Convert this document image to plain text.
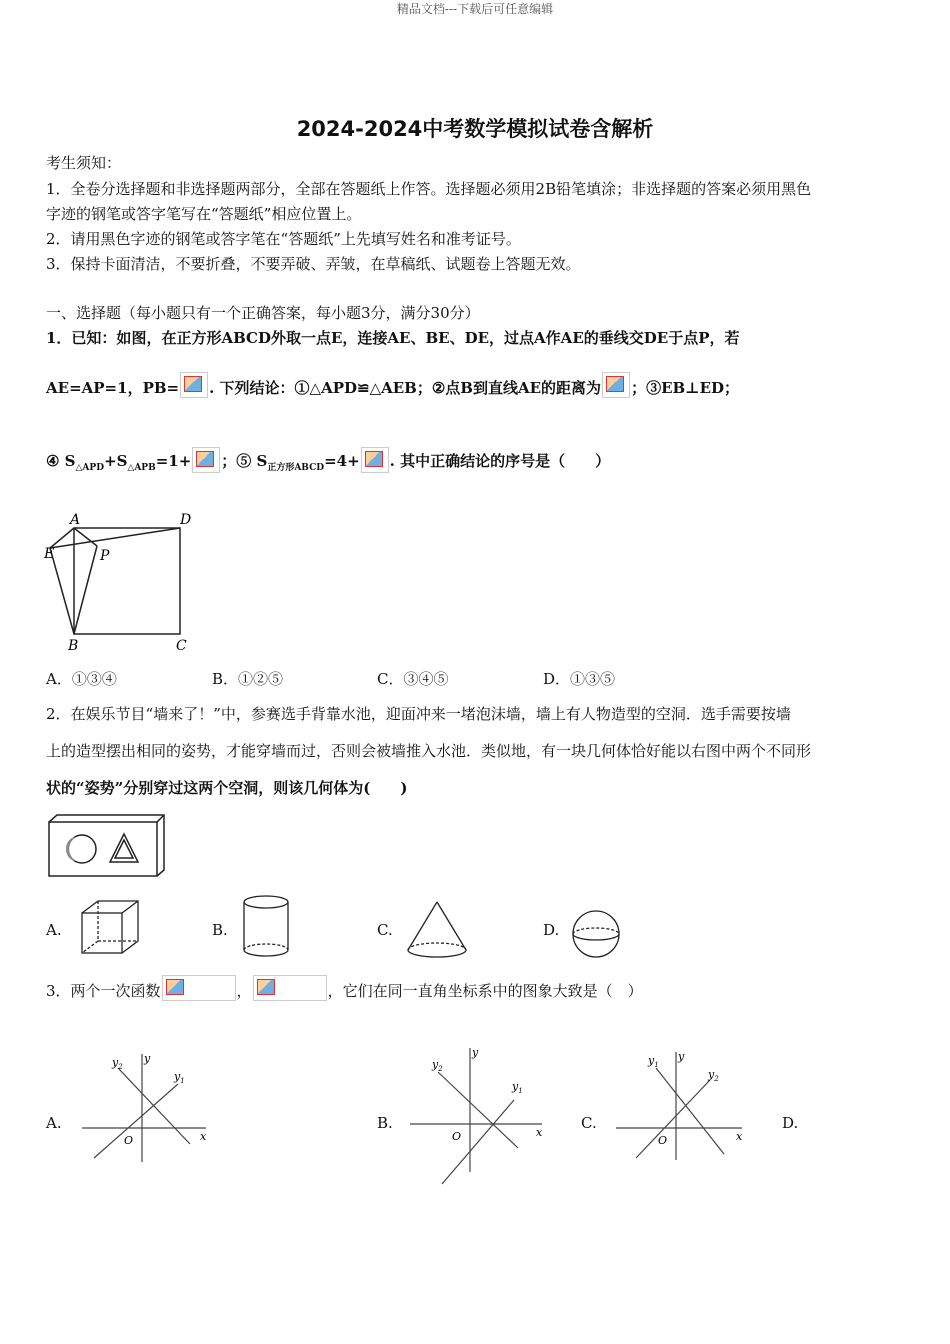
精品文档---下载后可任意编辑
2024-2024中考数学模拟试卷含解析
考生须知：
1．全卷分选择题和非选择题两部分，全部在答题纸上作答。选择题必须用2B铅笔填涂；非选择题的答案必须用黑色
字迹的钢笔或答字笔写在“答题纸”相应位置上。
2．请用黑色字迹的钢笔或答字笔在“答题纸”上先填写姓名和准考证号。
3．保持卡面清洁，不要折叠，不要弄破、弄皱，在草稿纸、试题卷上答题无效。
一、选择题（每小题只有一个正确答案，每小题3分，满分30分）
1．已知：如图，在正方形ABCD外取一点E，连接AE、BE、DE，过点A作AE的垂线交DE于点P，若
AE=AP=1，PB= . 下列结论：①△APD≌△AEB；②点B到直线AE的距离为 ；③EB⊥ED；
④ $S_{\triangle APD}+S_{\triangle APB}=1+$ ；⑤ $S_{正方形ABCD}=4+$ . 其中正确结论的序号是（　　）
A	D
E	P
B	C
A．①③④	B．①②⑤	C．③④⑤	D．①③⑤
2．在娱乐节目“墙来了！”中，参赛选手背靠水池，迎面冲来一堵泡沫墙，墙上有人物造型的空洞．选手需要按墙
上的造型摆出相同的姿势，才能穿墙而过，否则会被墙推入水池．类似地，有一块几何体恰好能以右图中两个不同形
状的“姿势”分别穿过这两个空洞，则该几何体为(　　)
A.	B.	C.	D.
3．两个一次函数	，	，它们在同一直角坐标系中的图象大致是（　）
A.
x
y
O
$y_2$
$y_1$
B.
x
y
O
$y_2$
$y_1$
C.
x
y
O
$y_1$
$y_2$
D.
